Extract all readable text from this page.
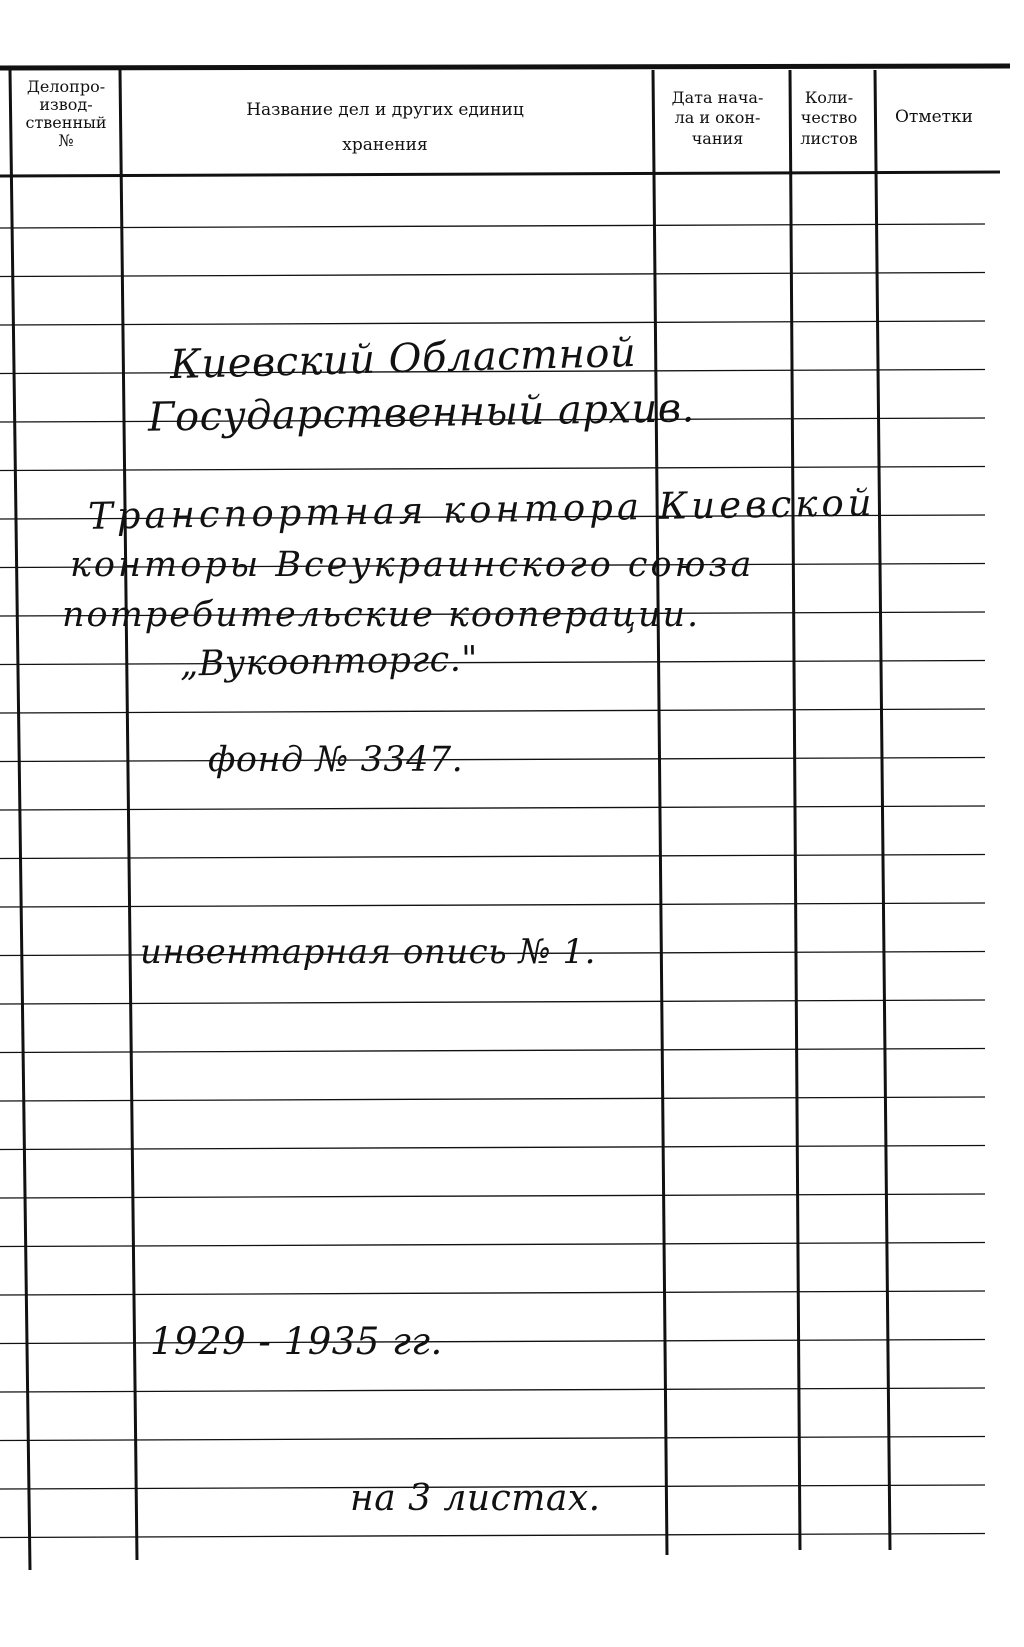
Делопро-
извод-
ственный
№
Название дел и других единиц
хранения
Дата нача-
ла и окон-
чания
Коли-
чество
листов
Отметки
Киевский Областной
Государственный архив.
Транспортная контора Киевской
конторы Всеукраинского союза
потребительские кооперации.
„Вукоопторгс."
фонд № 3347.
инвентарная опись № 1.
1929 - 1935 гг.
на 3 листах.
